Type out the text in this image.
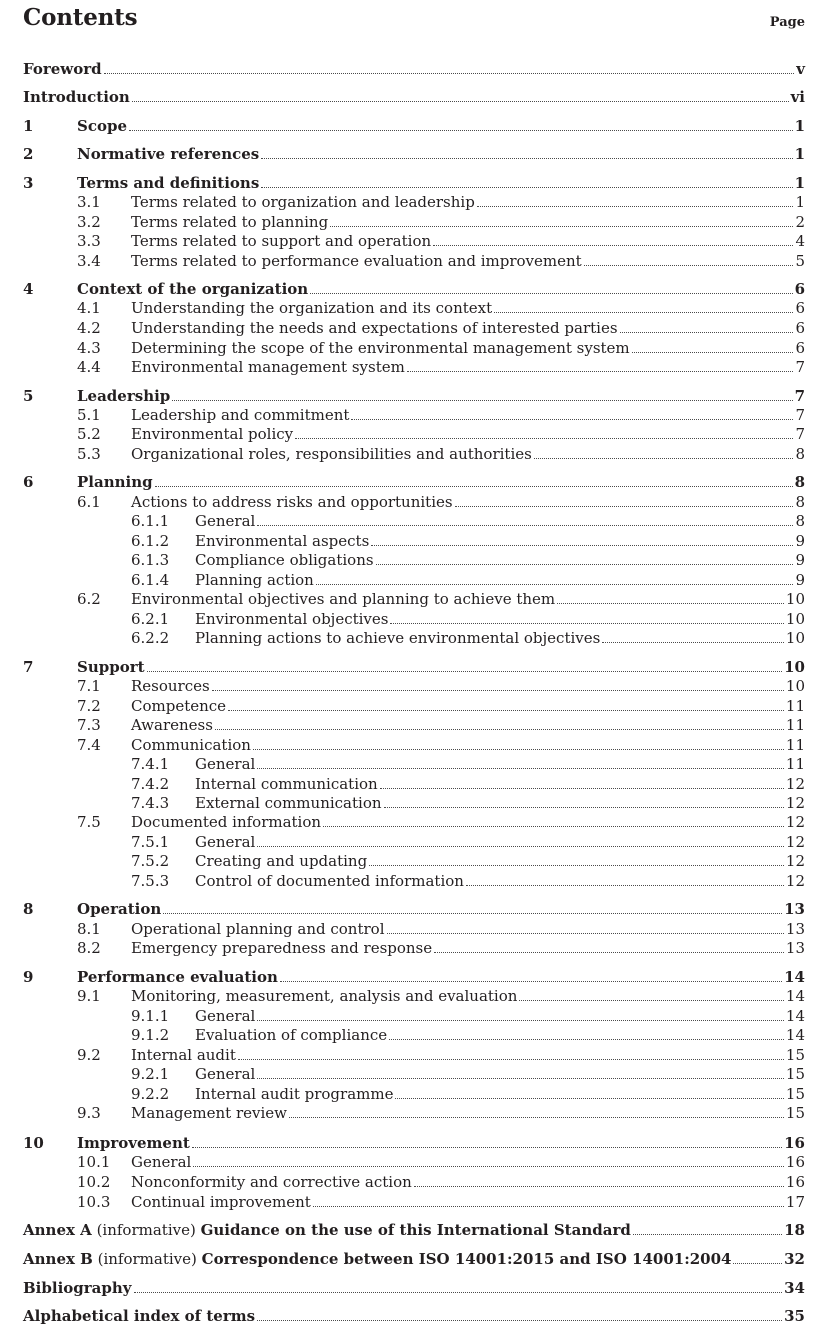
Contents	Page
Foreword	v
Introduction	vi
1	Scope	1
2	Normative references	1
3	Terms and definitions	1
3.1 Terms related to organization and leadership	1
3.2 Terms related to planning	2
3.3 Terms related to support and operation	4
3.4 Terms related to performance evaluation and improvement	5
4	Context of the organization	6
4.1 Understanding the organization and its context	6
4.2 Understanding the needs and expectations of interested parties	6
4.3 Determining the scope of the environmental management system	6
4.4 Environmental management system	7
5	Leadership	7
5.1 Leadership and commitment	7
5.2 Environmental policy	7
5.3 Organizational roles, responsibilities and authorities	8
6	Planning	8
6.1 Actions to address risks and opportunities	8
6.1.1 General	8
6.1.2 Environmental aspects	9
6.1.3 Compliance obligations	9
6.1.4 Planning action	9
6.2 Environmental objectives and planning to achieve them	10
6.2.1 Environmental objectives	10
6.2.2 Planning actions to achieve environmental objectives	10
7	Support	10
7.1 Resources	10
7.2 Competence	11
7.3 Awareness	11
7.4 Communication	11
7.4.1 General	11
7.4.2 Internal communication	12
7.4.3 External communication	12
7.5 Documented information	12
7.5.1 General	12
7.5.2 Creating and updating	12
7.5.3 Control of documented information	12
8	Operation	13
8.1 Operational planning and control	13
8.2 Emergency preparedness and response	13
9	Performance evaluation	14
9.1 Monitoring, measurement, analysis and evaluation	14
9.1.1 General	14
9.1.2 Evaluation of compliance	14
9.2 Internal audit	15
9.2.1 General	15
9.2.2 Internal audit programme	15
9.3 Management review	15
10 Improvement	16
10.1 General	16
10.2 Nonconformity and corrective action	16
10.3 Continual improvement	17
Annex A (informative) Guidance on the use of this International Standard	18
Annex B (informative) Correspondence between ISO 14001:2015 and ISO 14001:2004	32
Bibliography	34
Alphabetical index of terms	35
